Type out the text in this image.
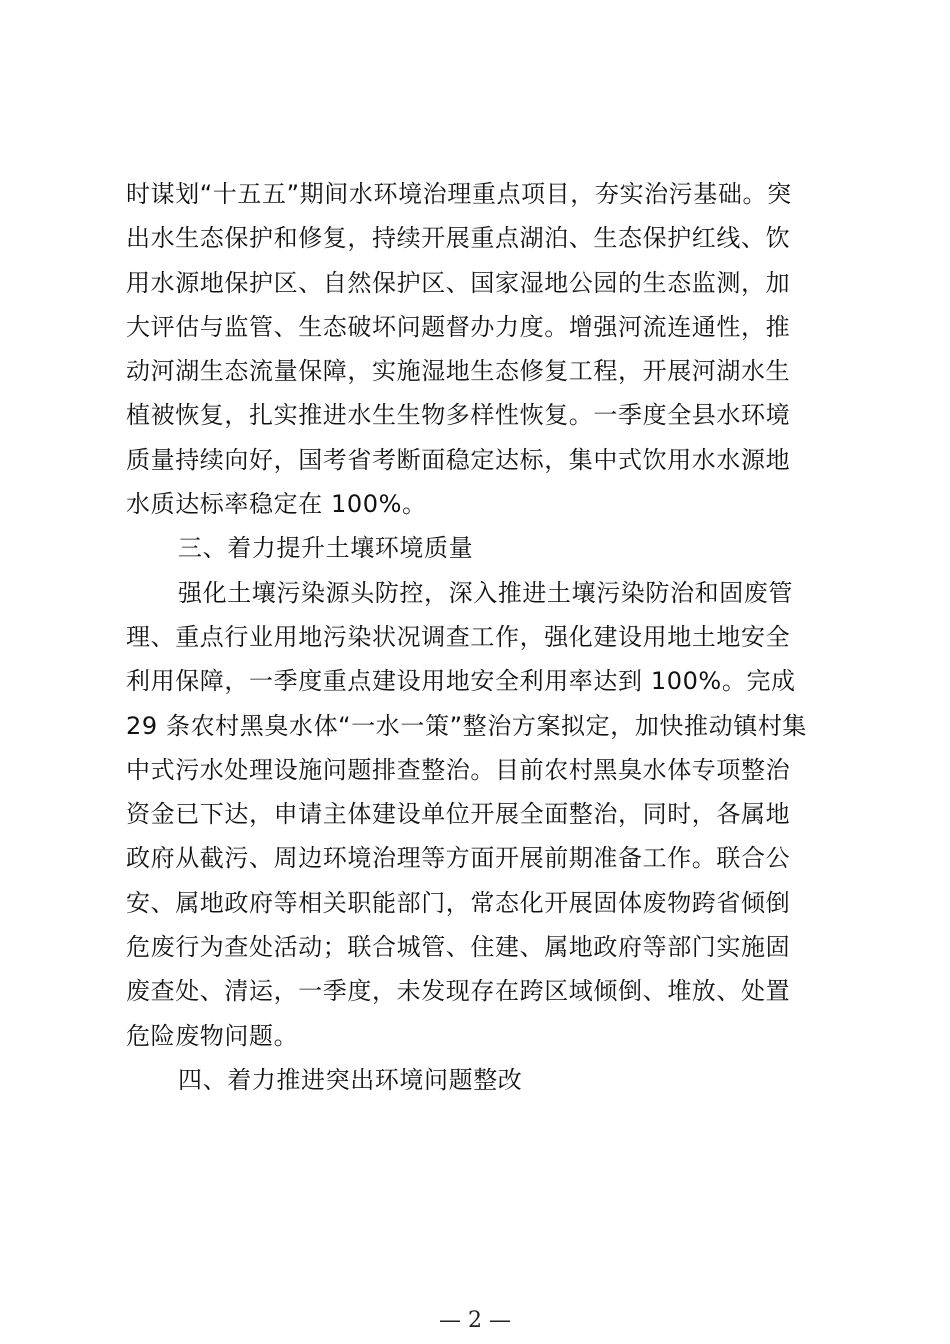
时谋划“十五五”期间水环境治理重点项目，夯实治污基础。突
出水生态保护和修复，持续开展重点湖泊、生态保护红线、饮
用水源地保护区、自然保护区、国家湿地公园的生态监测，加
大评估与监管、生态破坏问题督办力度。增强河流连通性，推
动河湖生态流量保障，实施湿地生态修复工程，开展河湖水生
植被恢复，扎实推进水生生物多样性恢复。一季度全县水环境
质量持续向好，国考省考断面稳定达标，集中式饮用水水源地
水质达标率稳定在 100%。
三、着力提升土壤环境质量
强化土壤污染源头防控，深入推进土壤污染防治和固废管
理、重点行业用地污染状况调查工作，强化建设用地土地安全
利用保障，一季度重点建设用地安全利用率达到 100%。完成
29 条农村黑臭水体“一水一策”整治方案拟定，加快推动镇村集
中式污水处理设施问题排查整治。目前农村黑臭水体专项整治
资金已下达，申请主体建设单位开展全面整治，同时，各属地
政府从截污、周边环境治理等方面开展前期准备工作。联合公
安、属地政府等相关职能部门，常态化开展固体废物跨省倾倒
危废行为查处活动；联合城管、住建、属地政府等部门实施固
废查处、清运，一季度，未发现存在跨区域倾倒、堆放、处置
危险废物问题。
四、着力推进突出环境问题整改
— 2 —
